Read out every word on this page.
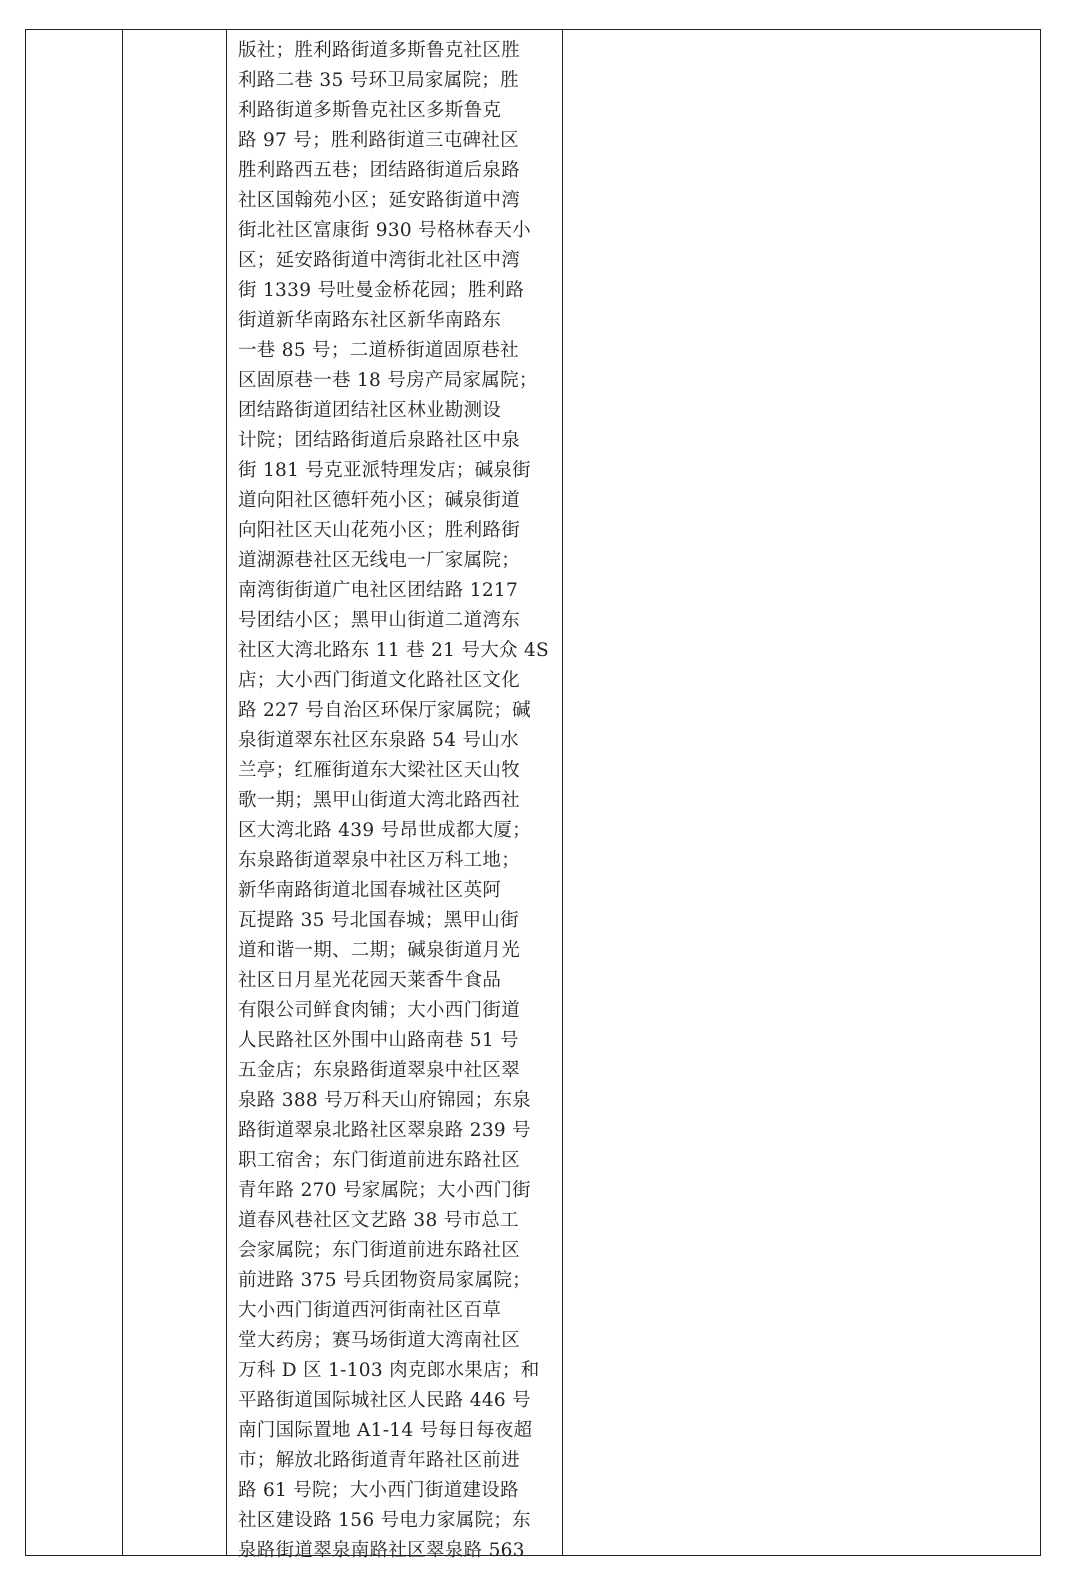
版社；胜利路街道多斯鲁克社区胜
利路二巷 35 号环卫局家属院；胜
利路街道多斯鲁克社区多斯鲁克
路 97 号；胜利路街道三屯碑社区
胜利路西五巷；团结路街道后泉路
社区国翰苑小区；延安路街道中湾
街北社区富康街 930 号格林春天小
区；延安路街道中湾街北社区中湾
街 1339 号吐曼金桥花园；胜利路
街道新华南路东社区新华南路东
一巷 85 号；二道桥街道固原巷社
区固原巷一巷 18 号房产局家属院；
团结路街道团结社区林业勘测设
计院；团结路街道后泉路社区中泉
街 181 号克亚派特理发店；碱泉街
道向阳社区德轩苑小区；碱泉街道
向阳社区天山花苑小区；胜利路街
道湖源巷社区无线电一厂家属院；
南湾街街道广电社区团结路 1217
号团结小区；黑甲山街道二道湾东
社区大湾北路东 11 巷 21 号大众 4S
店；大小西门街道文化路社区文化
路 227 号自治区环保厅家属院；碱
泉街道翠东社区东泉路 54 号山水
兰亭；红雁街道东大梁社区天山牧
歌一期；黑甲山街道大湾北路西社
区大湾北路 439 号昂世成都大厦；
东泉路街道翠泉中社区万科工地；
新华南路街道北国春城社区英阿
瓦提路 35 号北国春城；黑甲山街
道和谐一期、二期；碱泉街道月光
社区日月星光花园天莱香牛食品
有限公司鲜食肉铺；大小西门街道
人民路社区外围中山路南巷 51 号
五金店；东泉路街道翠泉中社区翠
泉路 388 号万科天山府锦园；东泉
路街道翠泉北路社区翠泉路 239 号
职工宿舍；东门街道前进东路社区
青年路 270 号家属院；大小西门街
道春风巷社区文艺路 38 号市总工
会家属院；东门街道前进东路社区
前进路 375 号兵团物资局家属院；
大小西门街道西河街南社区百草
堂大药房；赛马场街道大湾南社区
万科 D 区 1-103 肉克郎水果店；和
平路街道国际城社区人民路 446 号
南门国际置地 A1-14 号每日每夜超
市；解放北路街道青年路社区前进
路 61 号院；大小西门街道建设路
社区建设路 156 号电力家属院；东
泉路街道翠泉南路社区翠泉路 563
